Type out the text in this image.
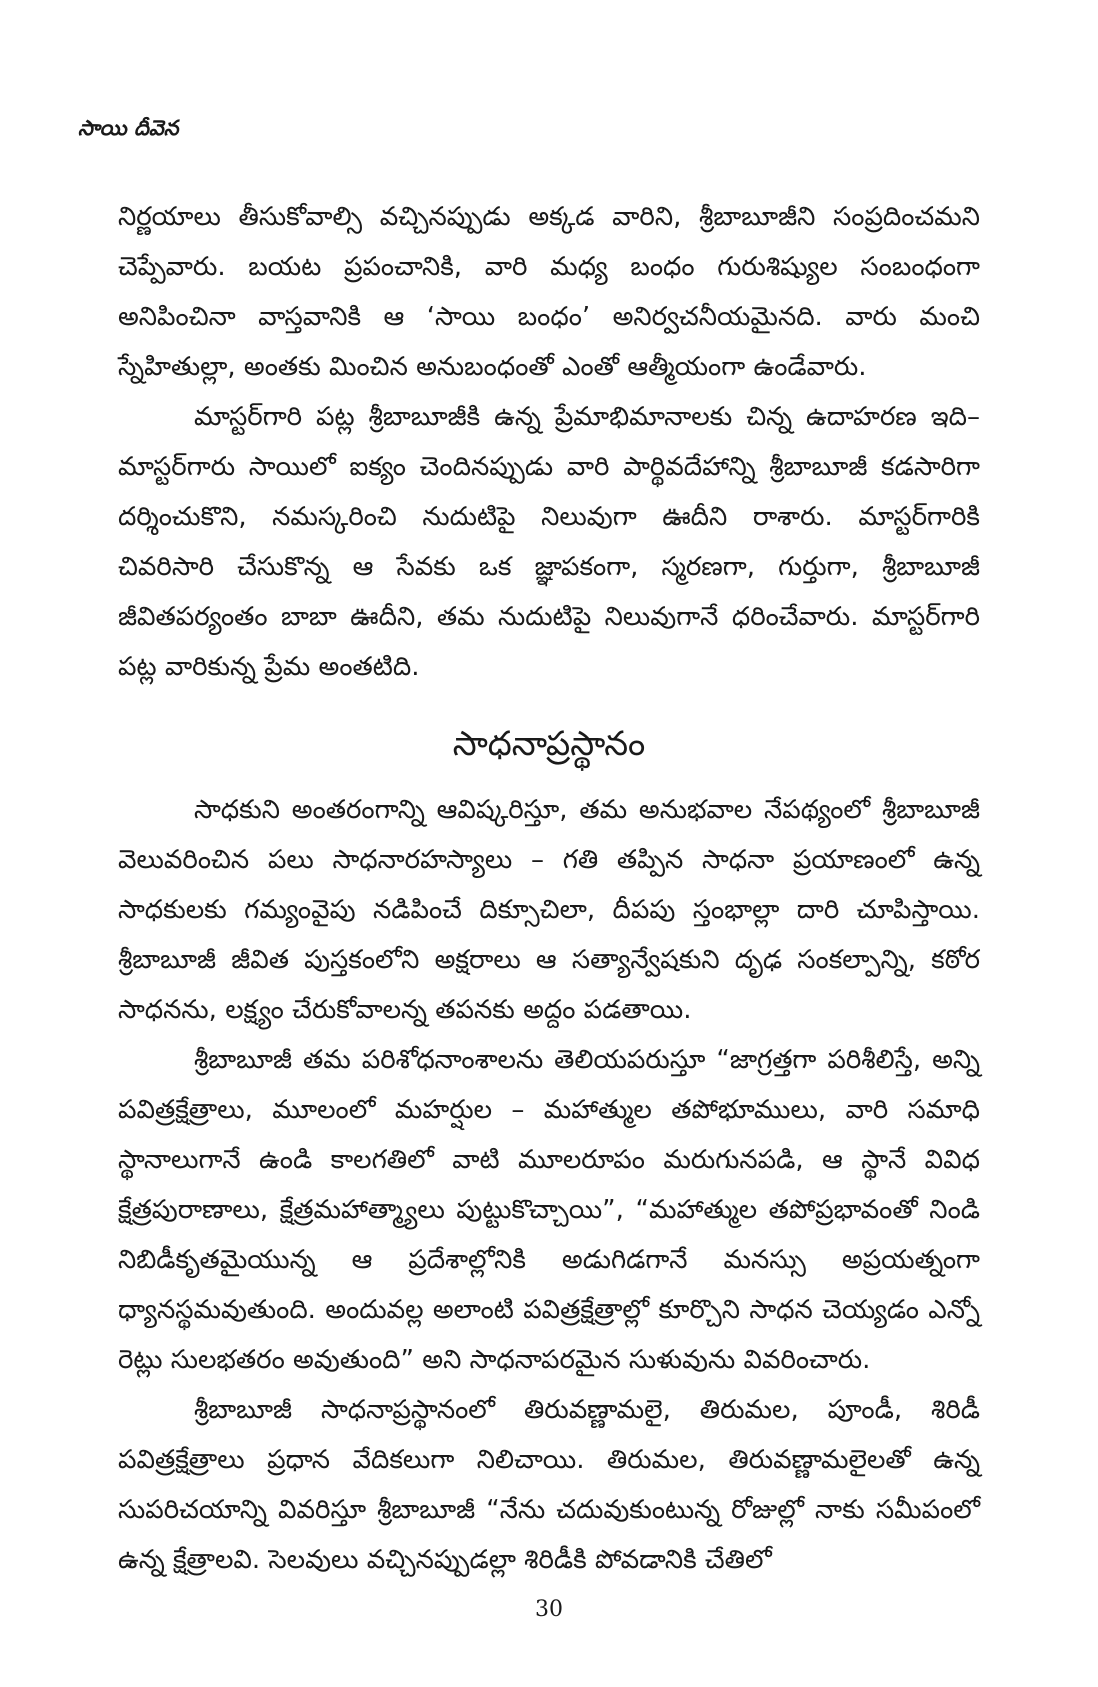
సాయి దీవెన

నిర్ణయాలు తీసుకోవాల్సి వచ్చినప్పుడు అక్కడ వారిని, శ్రీబాబూజీని సంప్రదించమని చెప్పేవారు. బయట ప్రపంచానికి, వారి మధ్య బంధం గురుశిష్యుల సంబంధంగా అనిపించినా వాస్తవానికి ఆ ‘సాయి బంధం’ అనిర్వచనీయమైనది. వారు మంచి స్నేహితుల్లా, అంతకు మించిన అనుబంధంతో ఎంతో ఆత్మీయంగా ఉండేవారు.

మాస్టర్‌గారి పట్ల శ్రీబాబూజీకి ఉన్న ప్రేమాభిమానాలకు చిన్న ఉదాహరణ ఇది– మాస్టర్‌గారు సాయిలో ఐక్యం చెందినప్పుడు వారి పార్థివదేహాన్ని శ్రీబాబూజీ కడసారిగా దర్శించుకొని, నమస్కరించి నుదుటిపై నిలువుగా ఊదీని రాశారు. మాస్టర్‌గారికి చివరిసారి చేసుకొన్న ఆ సేవకు ఒక జ్ఞాపకంగా, స్మరణగా, గుర్తుగా, శ్రీబాబూజీ జీవితపర్యంతం బాబా ఊదీని, తమ నుదుటిపై నిలువుగానే ధరించేవారు. మాస్టర్‌గారి పట్ల వారికున్న ప్రేమ అంతటిది.

సాధనాప్రస్థానం

సాధకుని అంతరంగాన్ని ఆవిష్కరిస్తూ, తమ అనుభవాల నేపథ్యంలో శ్రీబాబూజీ వెలువరించిన పలు సాధనారహస్యాలు – గతి తప్పిన సాధనా ప్రయాణంలో ఉన్న సాధకులకు గమ్యంవైపు నడిపించే దిక్సూచిలా, దీపపు స్తంభాల్లా దారి చూపిస్తాయి. శ్రీబాబూజీ జీవిత పుస్తకంలోని అక్షరాలు ఆ సత్యాన్వేషకుని దృఢ సంకల్పాన్ని, కఠోర సాధనను, లక్ష్యం చేరుకోవాలన్న తపనకు అద్దం పడతాయి.

శ్రీబాబూజీ తమ పరిశోధనాంశాలను తెలియపరుస్తూ “జాగ్రత్తగా పరిశీలిస్తే, అన్ని పవిత్రక్షేత్రాలు, మూలంలో మహర్షుల – మహాత్ముల తపోభూములు, వారి సమాధి స్థానాలుగానే ఉండి కాలగతిలో వాటి మూలరూపం మరుగునపడి, ఆ స్థానే వివిధ క్షేత్రపురాణాలు, క్షేత్రమహాత్మ్యాలు పుట్టుకొచ్చాయి”, “మహాత్ముల తపోప్రభావంతో నిండి నిబిడీకృతమైయున్న ఆ ప్రదేశాల్లోనికి అడుగిడగానే మనస్సు అప్రయత్నంగా ధ్యానస్థమవుతుంది. అందువల్ల అలాంటి పవిత్రక్షేత్రాల్లో కూర్చొని సాధన చెయ్యడం ఎన్నో రెట్లు సులభతరం అవుతుంది” అని సాధనాపరమైన సుళువును వివరించారు.

శ్రీబాబూజీ సాధనాప్రస్థానంలో తిరువణ్ణామలై, తిరుమల, పూండీ, శిరిడీ పవిత్రక్షేత్రాలు ప్రధాన వేదికలుగా నిలిచాయి. తిరుమల, తిరువణ్ణామలైలతో ఉన్న సుపరిచయాన్ని వివరిస్తూ శ్రీబాబూజీ “నేను చదువుకుంటున్న రోజుల్లో నాకు సమీపంలో ఉన్న క్షేత్రాలవి. సెలవులు వచ్చినప్పుడల్లా శిరిడీకి పోవడానికి చేతిలో

30
